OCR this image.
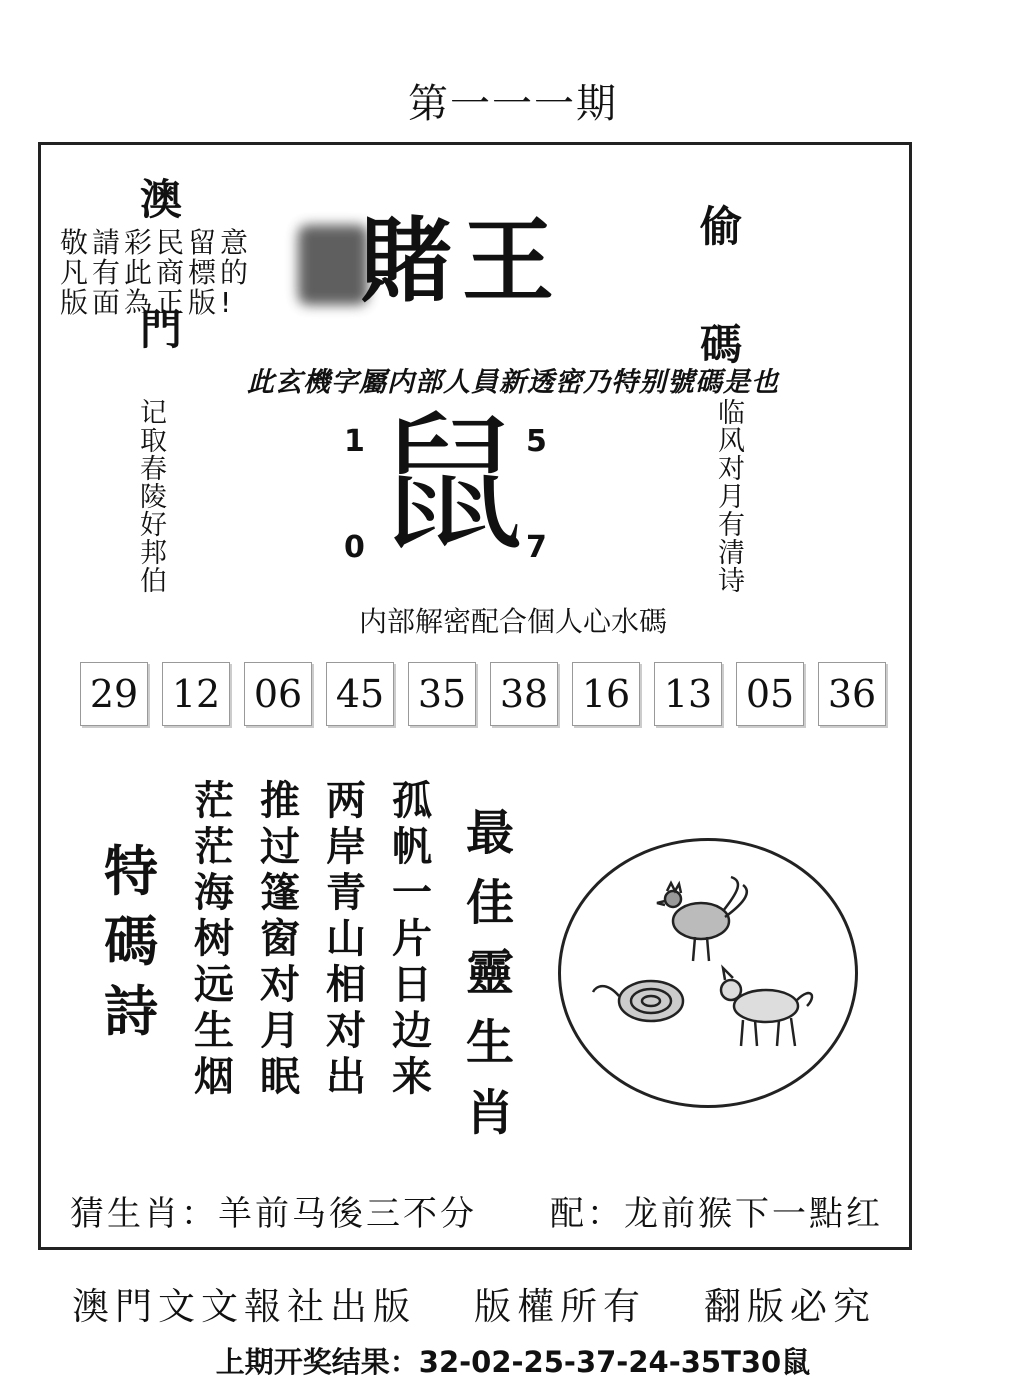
第一一一期
賭王
澳
門
敬請彩民留意
凡有此商標的
版面為正版!
偷
碼
此玄機字屬内部人員新透密乃特别號碼是也
记
取
春
陵
好
邦
伯
临
风
对
月
有
清
诗
1	5
鼠
0	7
内部解密配合個人心水碼
29 12 06 45 35 38 16 13 05 36
特
碼
詩
茫
茫
海
树
远
生
烟
推
过
篷
窗
对
月
眠
两
岸
青
山
相
对
出
孤
帆
一
片
日
边
来
最
佳
靈
生
肖
猜生肖：羊前马後三不分 配：龙前猴下一點红
澳門文文報社出版 版權所有 翻版必究
上期开奖结果：32-02-25-37-24-35T30鼠
